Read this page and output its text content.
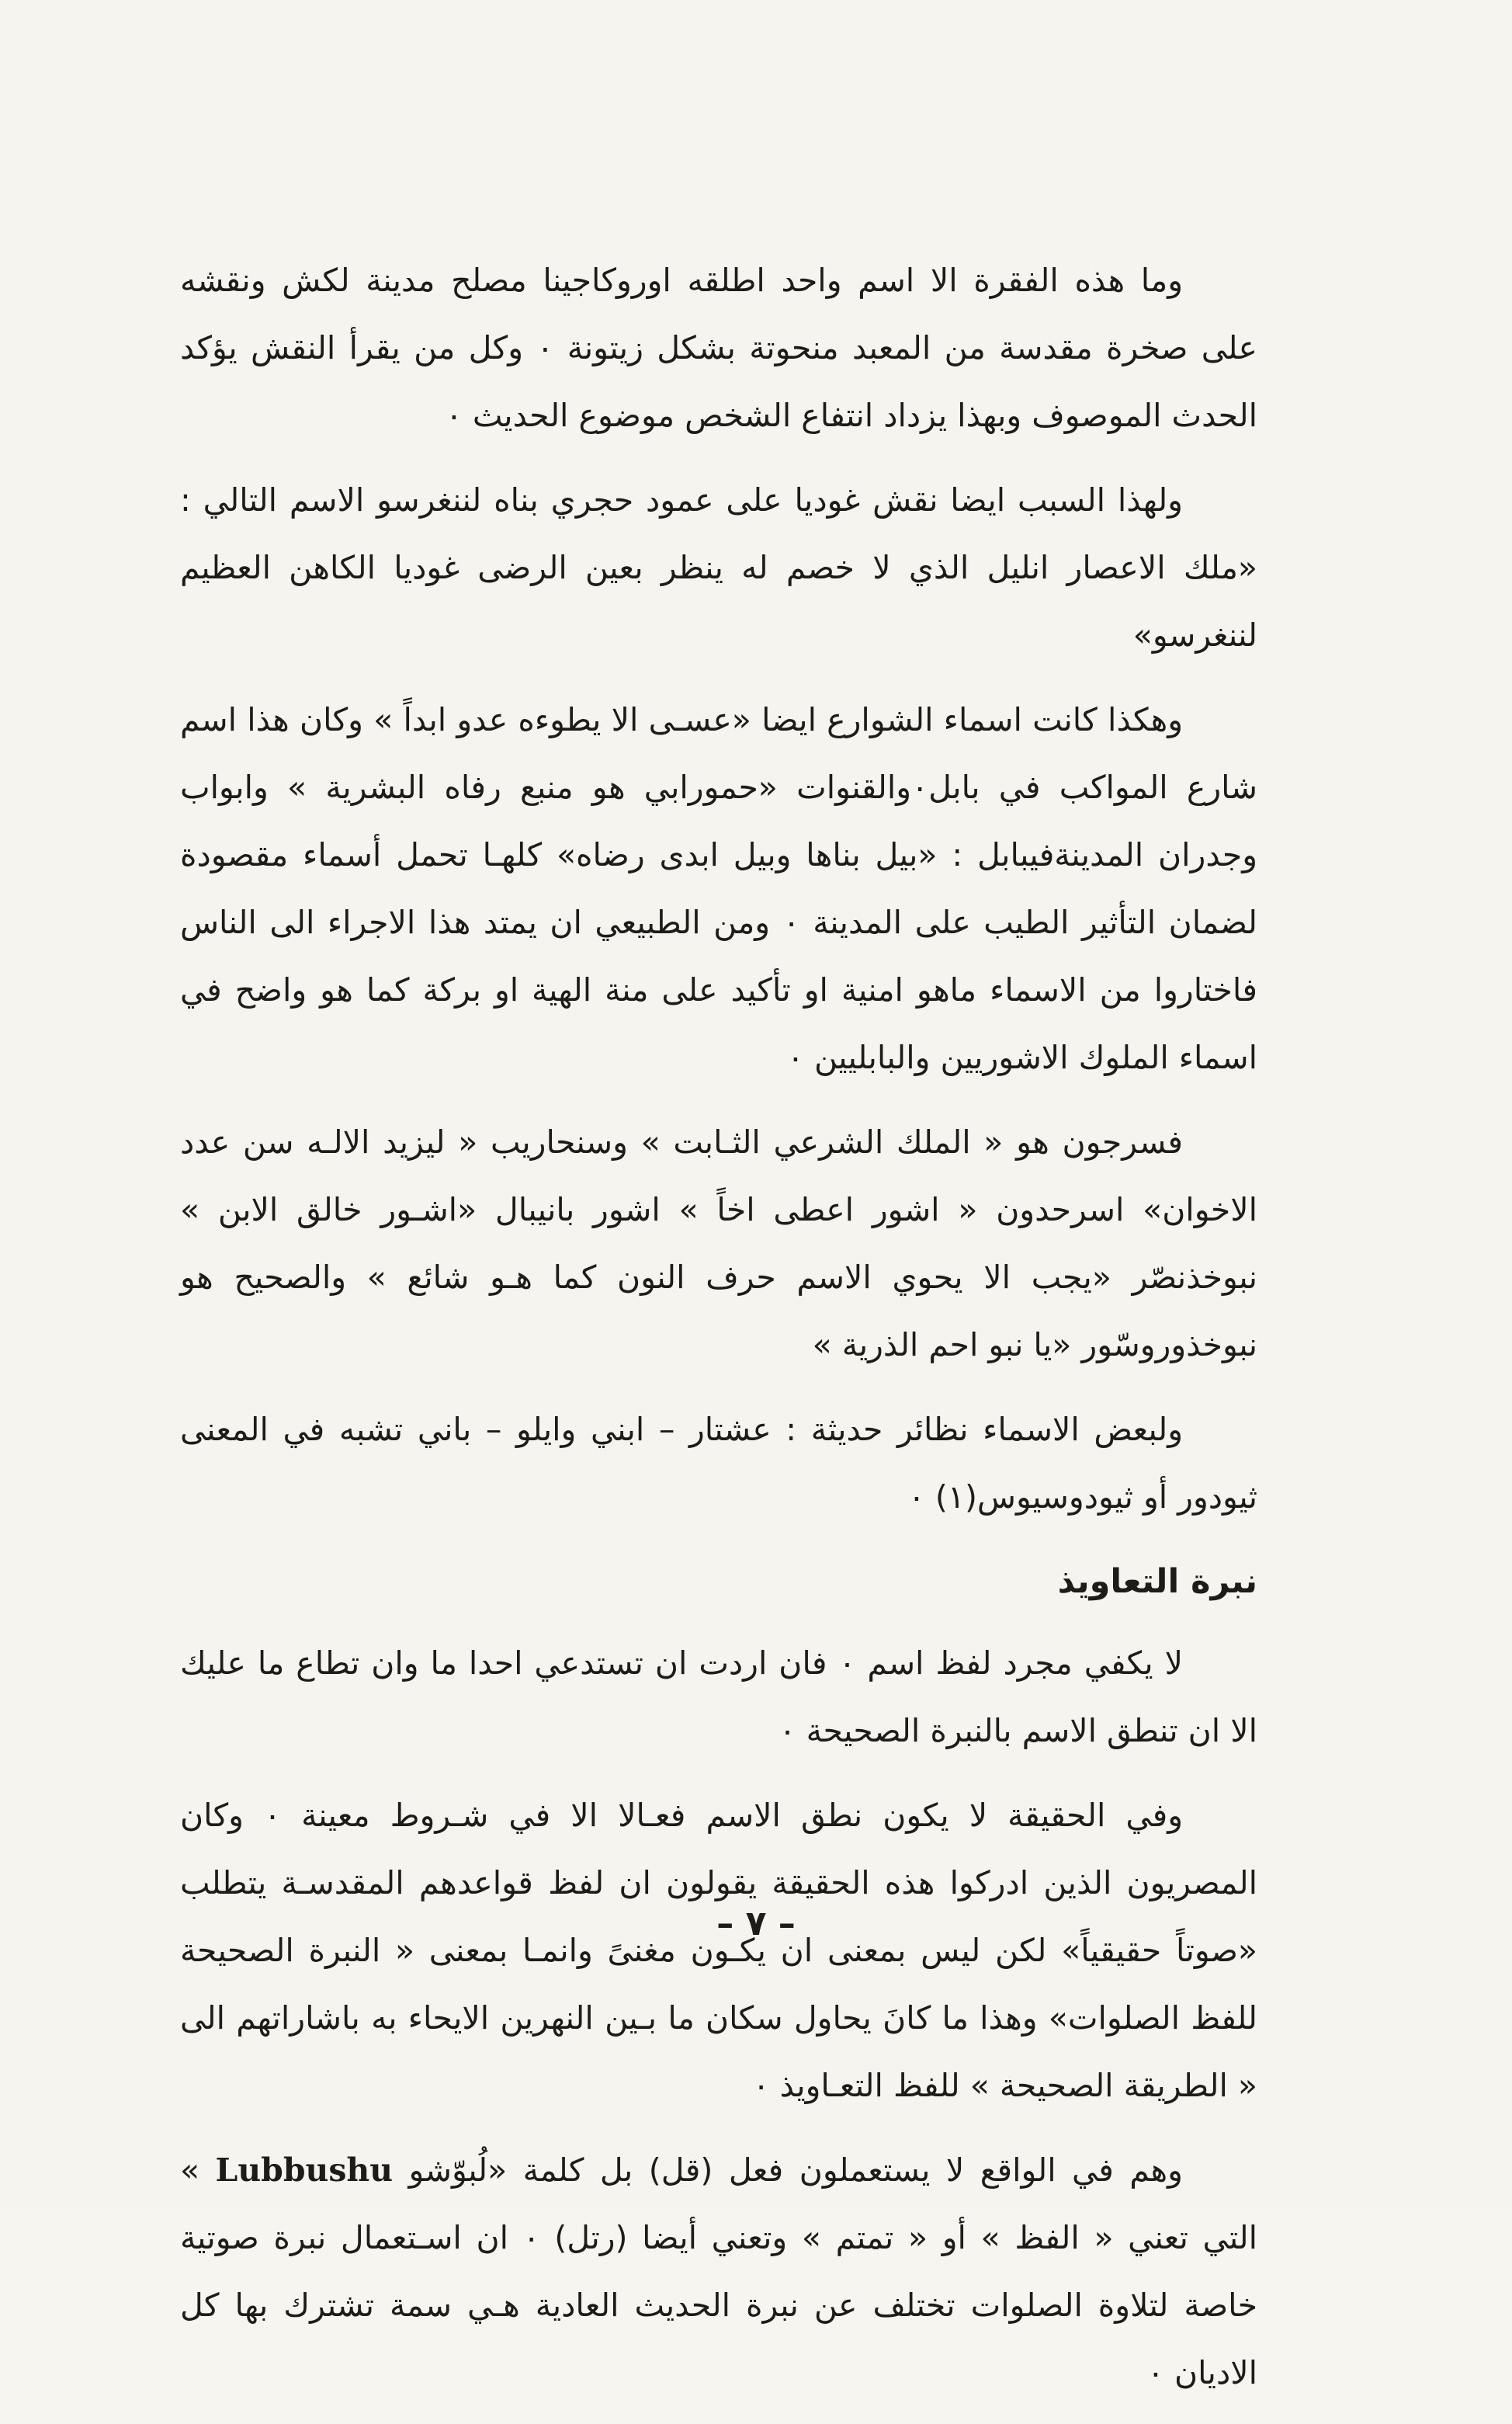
وما هذه الفقرة الا اسم واحد اطلقه اوروكاجينا مصلح مدينة لكش ونقشه على صخرة مقدسة من المعبد منحوتة بشكل زيتونة ۰ وكل من يقرأ النقش يؤكد الحدث الموصوف وبهذا يزداد انتفاع الشخص موضوع الحديث ۰

ولهذا السبب ايضا نقش غوديا على عمود حجري بناه لننغرسو الاسم التالي : «ملك الاعصار انليل الذي لا خصم له ينظر بعين الرضى غوديا الكاهن العظيم لننغرسو»

وهكذا كانت اسماء الشوارع ايضا «عسـى الا يطوءه عدو ابداً » وكان هذا اسم شارع المواكب في بابل۰والقنوات «حمورابي هو منبع رفاه البشرية » وابواب وجدران المدينةفيبابل : «بيل بناها وبيل ابدى رضاه» كلهـا تحمل أسماء مقصودة لضمان التأثير الطيب على المدينة ۰ ومن الطبيعي ان يمتد هذا الاجراء الى الناس فاختاروا من الاسماء ماهو امنية او تأكيد على منة الهية او بركة كما هو واضح في اسماء الملوك الاشوريين والبابليين ۰

فسرجون هو « الملك الشرعي الثـابت » وسنحاريب « ليزيد الالـه سن عدد الاخوان» اسرحدون « اشور اعطى اخاً » اشور بانيبال «اشـور خالق الابن » نبوخذنصّر «يجب الا يحوي الاسم حرف النون كما هـو شائع » والصحيح هو نبوخذوروسّور «يا نبو احم الذرية »

ولبعض الاسماء نظائر حديثة : عشتار – ابني وايلو – باني تشبه في المعنى ثيودور أو ثيودوسيوس(١) ۰

نبرة التعاويذ

لا يكفي مجرد لفظ اسم ۰ فان اردت ان تستدعي احدا ما وان تطاع ما عليك الا ان تنطق الاسم بالنبرة الصحيحة ۰

وفي الحقيقة لا يكون نطق الاسم فعـالا الا في شـروط معينة ۰ وكان المصريون الذين ادركوا هذه الحقيقة يقولون ان لفظ قواعدهم المقدسـة يتطلب «صوتاً حقيقياً» لكن ليس بمعنى ان يكـون مغنىً وانمـا بمعنى « النبرة الصحيحة للفظ الصلوات» وهذا ما كانَ يحاول سكان ما بـين النهرين الايحاء به باشاراتهم الى « الطريقة الصحيحة » للفظ التعـاويذ ۰

وهم في الواقع لا يستعملون فعل (قل) بل كلمة «لُبوّشو Lubbushu » التي تعني « الفظ » أو « تمتم » وتعني أيضا (رتل) ۰ ان اسـتعمال نبرة صوتية خاصة لتلاوة الصلوات تختلف عن نبرة الحديث العادية هـي سمة تشترك بها كل الاديان ۰

– ٧ –
